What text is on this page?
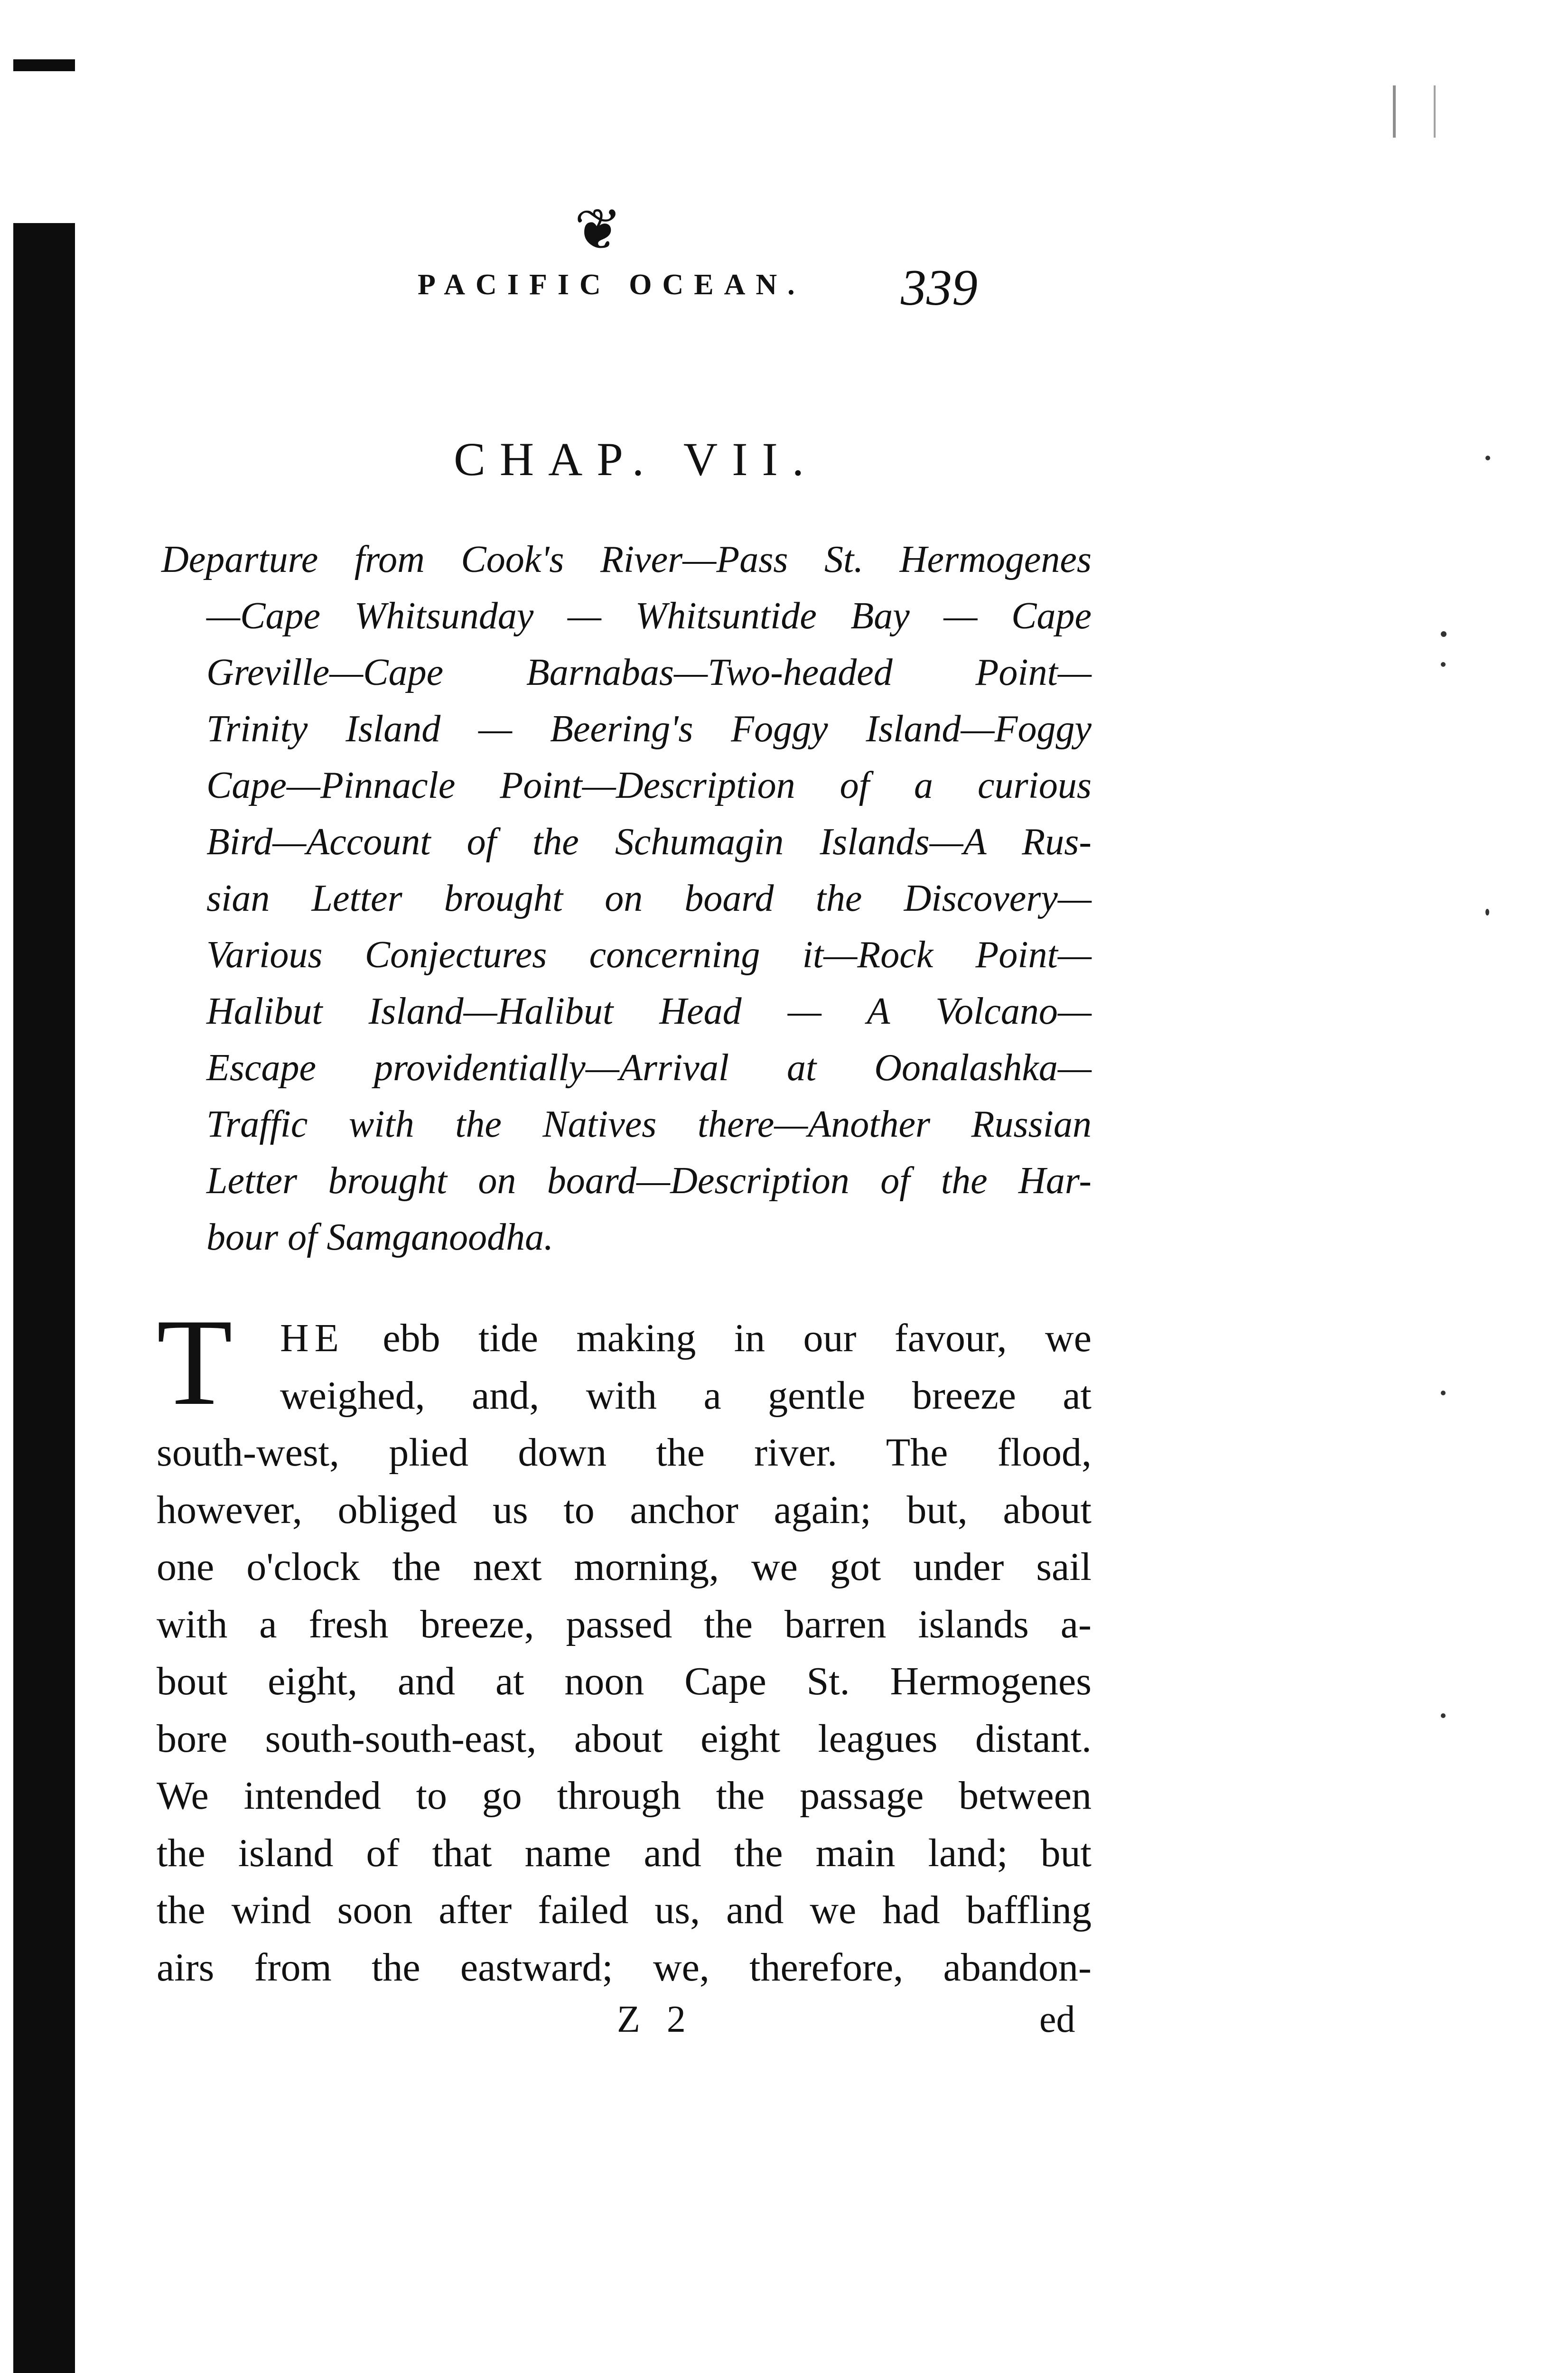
❦
PACIFIC OCEAN. 339
CHAP. VII.
Departure from Cook's River—Pass St. Hermogenes
—Cape Whitsunday — Whitsuntide Bay — Cape
Greville—Cape Barnabas—Two-headed Point—
Trinity Island — Beering's Foggy Island—Foggy
Cape—Pinnacle Point—Description of a curious
Bird—Account of the Schumagin Islands—A Rus-
sian Letter brought on board the Discovery—
Various Conjectures concerning it—Rock Point—
Halibut Island—Halibut Head — A Volcano—
Escape providentially—Arrival at Oonalashka—
Traffic with the Natives there—Another Russian
Letter brought on board—Description of the Har-
bour of Samganoodha.
T	HE ebb tide making in our favour, we
weighed, and, with a gentle breeze at
south-west, plied down the river. The flood,
however, obliged us to anchor again; but, about
one o'clock the next morning, we got under sail
with a fresh breeze, passed the barren islands a-
bout eight, and at noon Cape St. Hermogenes
bore south-south-east, about eight leagues distant.
We intended to go through the passage between
the island of that name and the main land; but
the wind soon after failed us, and we had baffling
airs from the eastward; we, therefore, abandon-
Z 2	ed
